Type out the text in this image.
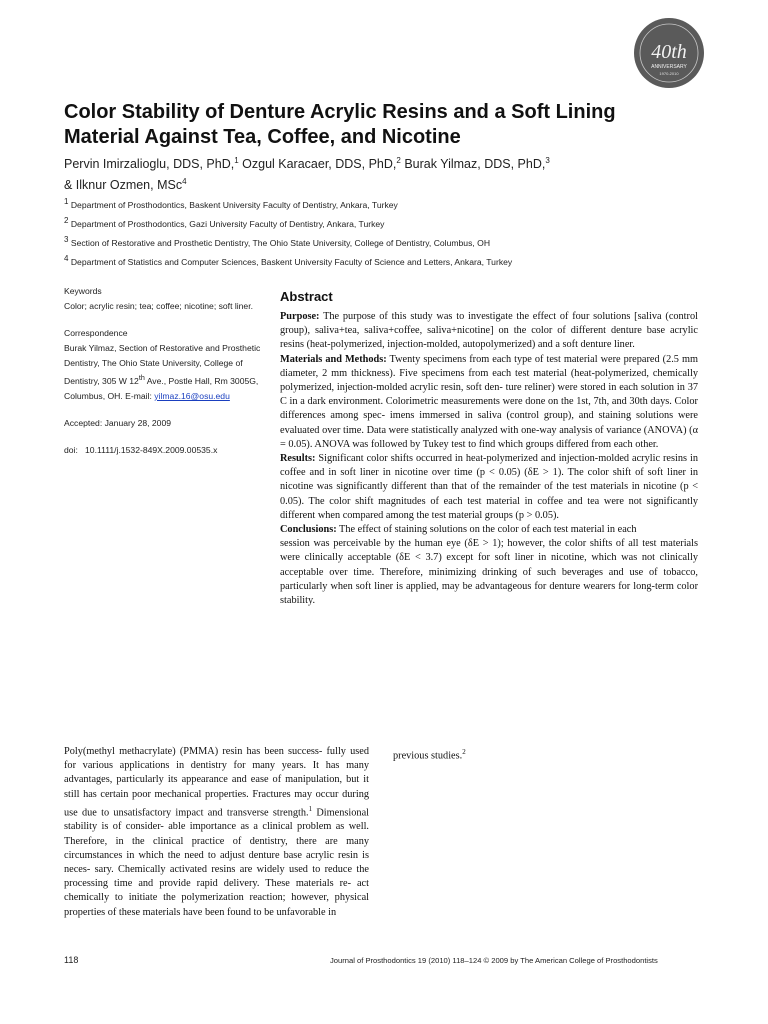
40th
ANNIVERSARY
1970-2010
Color Stability of Denture Acrylic Resins and a Soft Lining Material Against Tea, Coffee, and Nicotine
Pervin Imirzalioglu, DDS, PhD,$^1$ Ozgul Karacaer, DDS, PhD,$^2$ Burak Yilmaz, DDS, PhD,$^3$
& Ilknur Ozmen, MSc$^4$
$^1$ Department of Prosthodontics, Baskent University Faculty of Dentistry, Ankara, Turkey
$^2$ Department of Prosthodontics, Gazi University Faculty of Dentistry, Ankara, Turkey
$^3$ Section of Restorative and Prosthetic Dentistry, The Ohio State University, College of Dentistry, Columbus, OH
$^4$ Department of Statistics and Computer Sciences, Baskent University Faculty of Science and Letters, Ankara, Turkey

Keywords

Color; acrylic resin; tea; coffee; nicotine; soft liner.

Correspondence

Burak Yilmaz, Section of Restorative and Prosthetic Dentistry, The Ohio State University, College of Dentistry, 305 W 12th Ave., Postle Hall, Rm 3005G, Columbus, OH. E-mail: yilmaz.16@osu.edu

Accepted: January 28, 2009

doi: 10.1111/j.1532-849X.2009.00535.x

Abstract

Purpose: The purpose of this study was to investigate the effect of four solutions [saliva (control group), saliva+tea, saliva+coffee, saliva+nicotine] on the color of different denture base acrylic resins (heat-polymerized, injection-molded, autopolymerized) and a soft denture liner.

Materials and Methods: Twenty specimens from each type of test material were prepared (2.5 mm diameter, 2 mm thickness). Five specimens from each test material (heat-polymerized, chemically polymerized, injection-molded acrylic resin, soft den- ture reliner) were stored in each solution in 37 C in a dark environment. Colorimetric measurements were done on the 1st, 7th, and 30th days. Color differences among spec- imens immersed in saliva (control group), and staining solutions were evaluated over time. Data were statistically analyzed with one-way analysis of variance (ANOVA) (α = 0.05). ANOVA was followed by Tukey test to find which groups differed from each other.

Results: Significant color shifts occurred in heat-polymerized and injection-molded acrylic resins in coffee and in soft liner in nicotine over time (p < 0.05) (δE > 1). The color shift of soft liner in nicotine was significantly different than that of the remainder of the test materials in nicotine (p < 0.05). The color shift magnitudes of each test material in coffee and tea were not significantly different when compared among the test material groups (p > 0.05).

Conclusions: The effect of staining solutions on the color of each test material in each

session was perceivable by the human eye (δE > 1); however, the color shifts of all test materials were clinically acceptable (δE < 3.7) except for soft liner in nicotine, which was not clinically acceptable over time. Therefore, minimizing drinking of such beverages and use of tobacco, particularly when soft liner is applied, may be advantageous for denture wearers for long-term color stability.

Poly(methyl methacrylate) (PMMA) resin has been success- fully used for various applications in dentistry for many years. It has many advantages, particularly its appearance and ease of manipulation, but it still has certain poor mechanical properties. Fractures may occur during use due to unsatisfactory impact and transverse strength.$^1$ Dimensional stability is of consider- able importance as a clinical problem as well. Therefore, in the clinical practice of dentistry, there are many circumstances in which the need to adjust denture base acrylic resin is neces- sary. Chemically activated resins are widely used to reduce the processing time and provide rapid delivery. These materials re- act chemically to initiate the polymerization reaction; however, physical properties of these materials have been found to be unfavorable in
previous studies.$^2$
118	Journal of Prosthodontics 19 (2010) 118–124 © 2009 by The American College of Prosthodontists
